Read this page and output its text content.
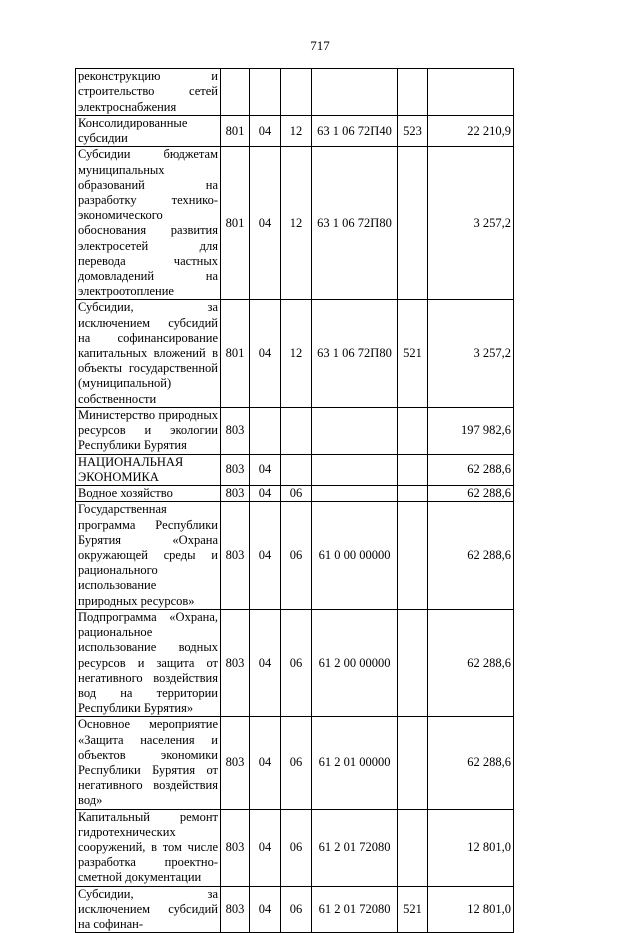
717
реконструкцию и строительство сетей электроснабжения						
Консолидированные субсидии	801	04	12	63 1 06 72П40	523	22 210,9
Субсидии бюджетам муниципальных образований на разработку технико-экономического обоснования развития электросетей для перевода частных домовладений на электроотопление	801	04	12	63 1 06 72П80		3 257,2
Субсидии, за исключением субсидий на софинансирование капитальных вложений в объекты государственной (муниципальной) собственности	801	04	12	63 1 06 72П80	521	3 257,2
Министерство природных ресурсов и экологии Республики Бурятия	803					197 982,6
НАЦИОНАЛЬНАЯ ЭКОНОМИКА	803	04				62 288,6
Водное хозяйство	803	04	06			62 288,6
Государственная программа Республики Бурятия «Охрана окружающей среды и рационального использование природных ресурсов»	803	04	06	61 0 00 00000		62 288,6
Подпрограмма «Охрана, рациональное использование водных ресурсов и защита от негативного воздействия вод на территории Республики Бурятия»	803	04	06	61 2 00 00000		62 288,6
Основное мероприятие «Защита населения и объектов экономики Республики Бурятия от негативного воздействия вод»	803	04	06	61 2 01 00000		62 288,6
Капитальный ремонт гидротехнических сооружений, в том числе разработка проектно-сметной документации	803	04	06	61 2 01 72080		12 801,0
Субсидии, за исключением субсидий на софинан-	803	04	06	61 2 01 72080	521	12 801,0
